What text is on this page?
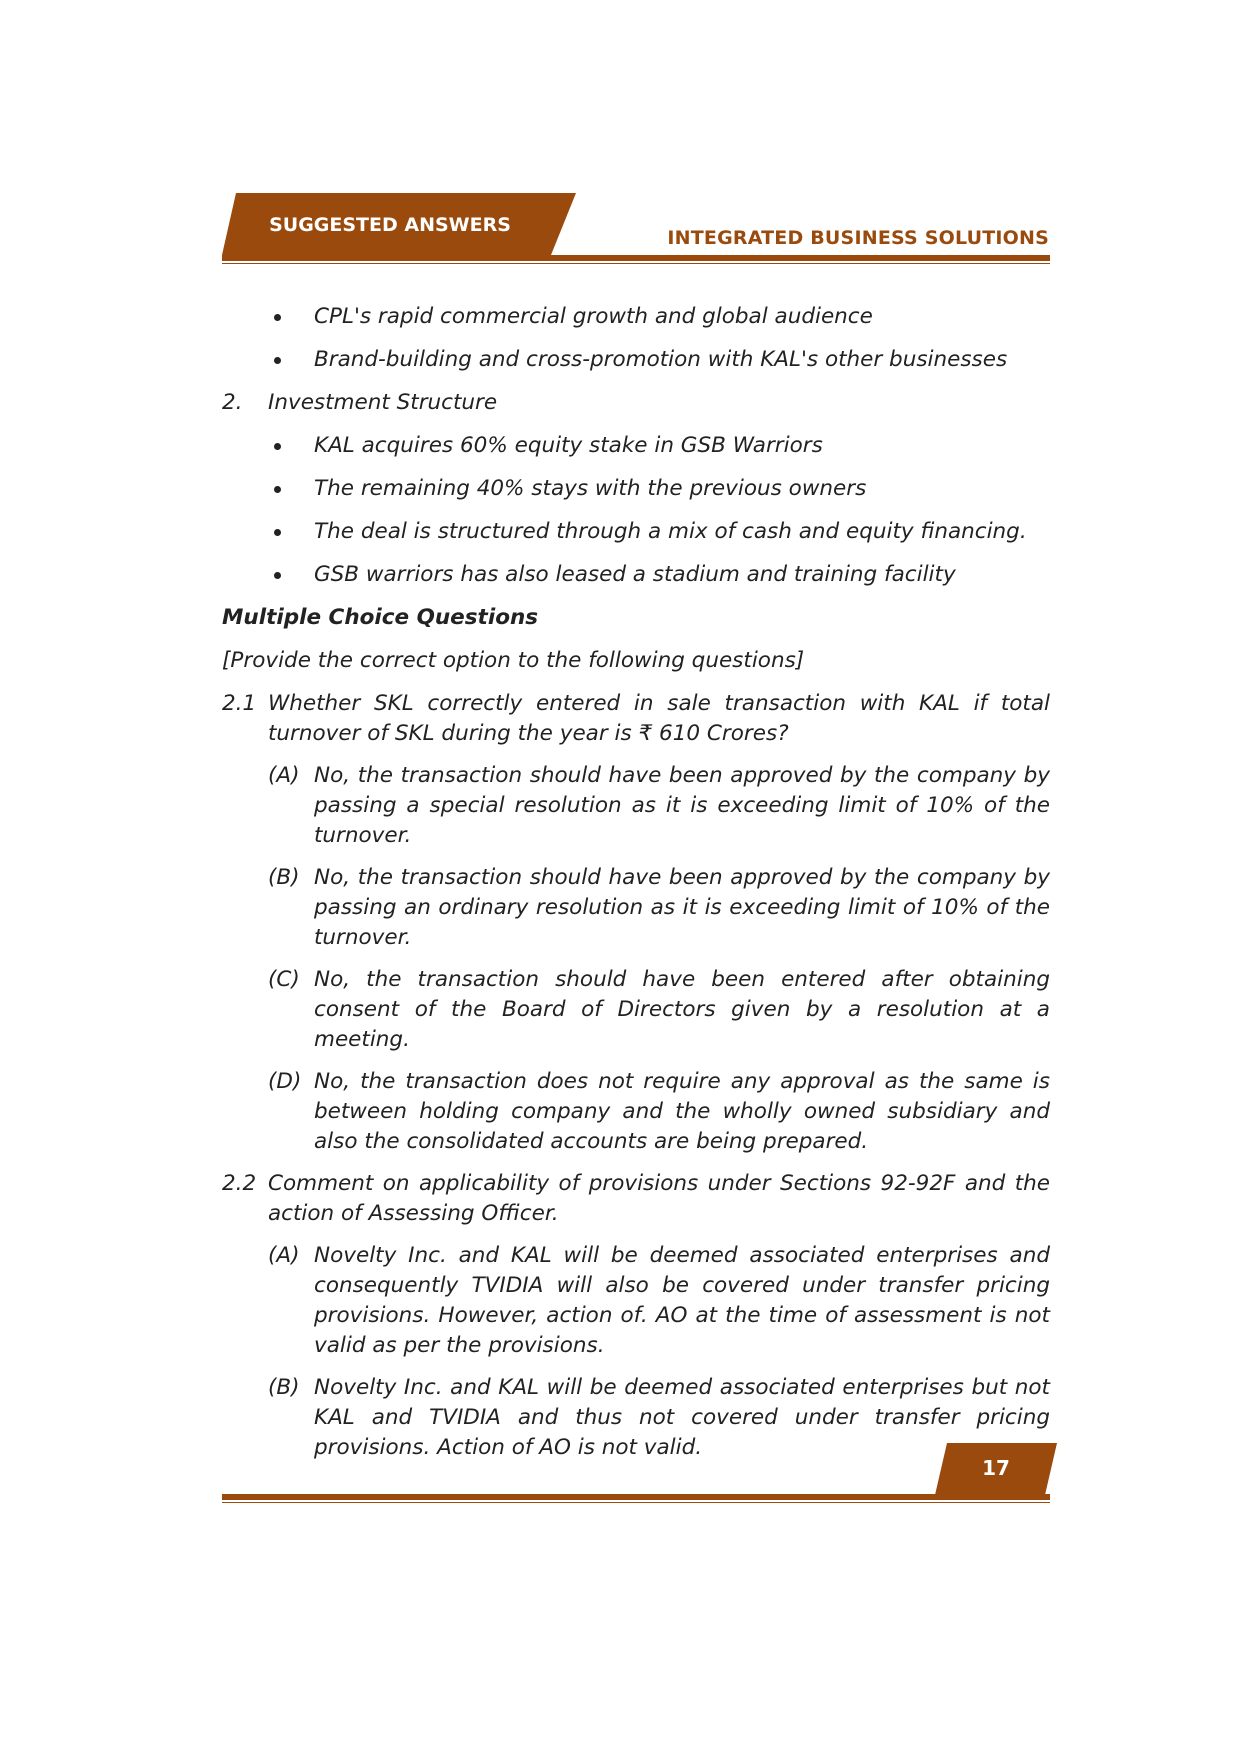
SUGGESTED ANSWERS
INTEGRATED BUSINESS SOLUTIONS
CPL's rapid commercial growth and global audience
Brand-building and cross-promotion with KAL's other businesses
2. Investment Structure
KAL acquires 60% equity stake in GSB Warriors
The remaining 40% stays with the previous owners
The deal is structured through a mix of cash and equity financing.
GSB warriors has also leased a stadium and training facility
Multiple Choice Questions
[Provide the correct option to the following questions]
2.1 Whether SKL correctly entered in sale transaction with KAL if total turnover of SKL during the year is ₹ 610 Crores?
(A) No, the transaction should have been approved by the company by passing a special resolution as it is exceeding limit of 10% of the turnover.
(B) No, the transaction should have been approved by the company by passing an ordinary resolution as it is exceeding limit of 10% of the turnover.
(C) No, the transaction should have been entered after obtaining consent of the Board of Directors given by a resolution at a meeting.
(D) No, the transaction does not require any approval as the same is between holding company and the wholly owned subsidiary and also the consolidated accounts are being prepared.
2.2 Comment on applicability of provisions under Sections 92-92F and the action of Assessing Officer.
(A) Novelty Inc. and KAL will be deemed associated enterprises and consequently TVIDIA will also be covered under transfer pricing provisions. However, action of. AO at the time of assessment is not valid as per the provisions.
(B) Novelty Inc. and KAL will be deemed associated enterprises but not KAL and TVIDIA and thus not covered under transfer pricing provisions. Action of AO is not valid.
17
